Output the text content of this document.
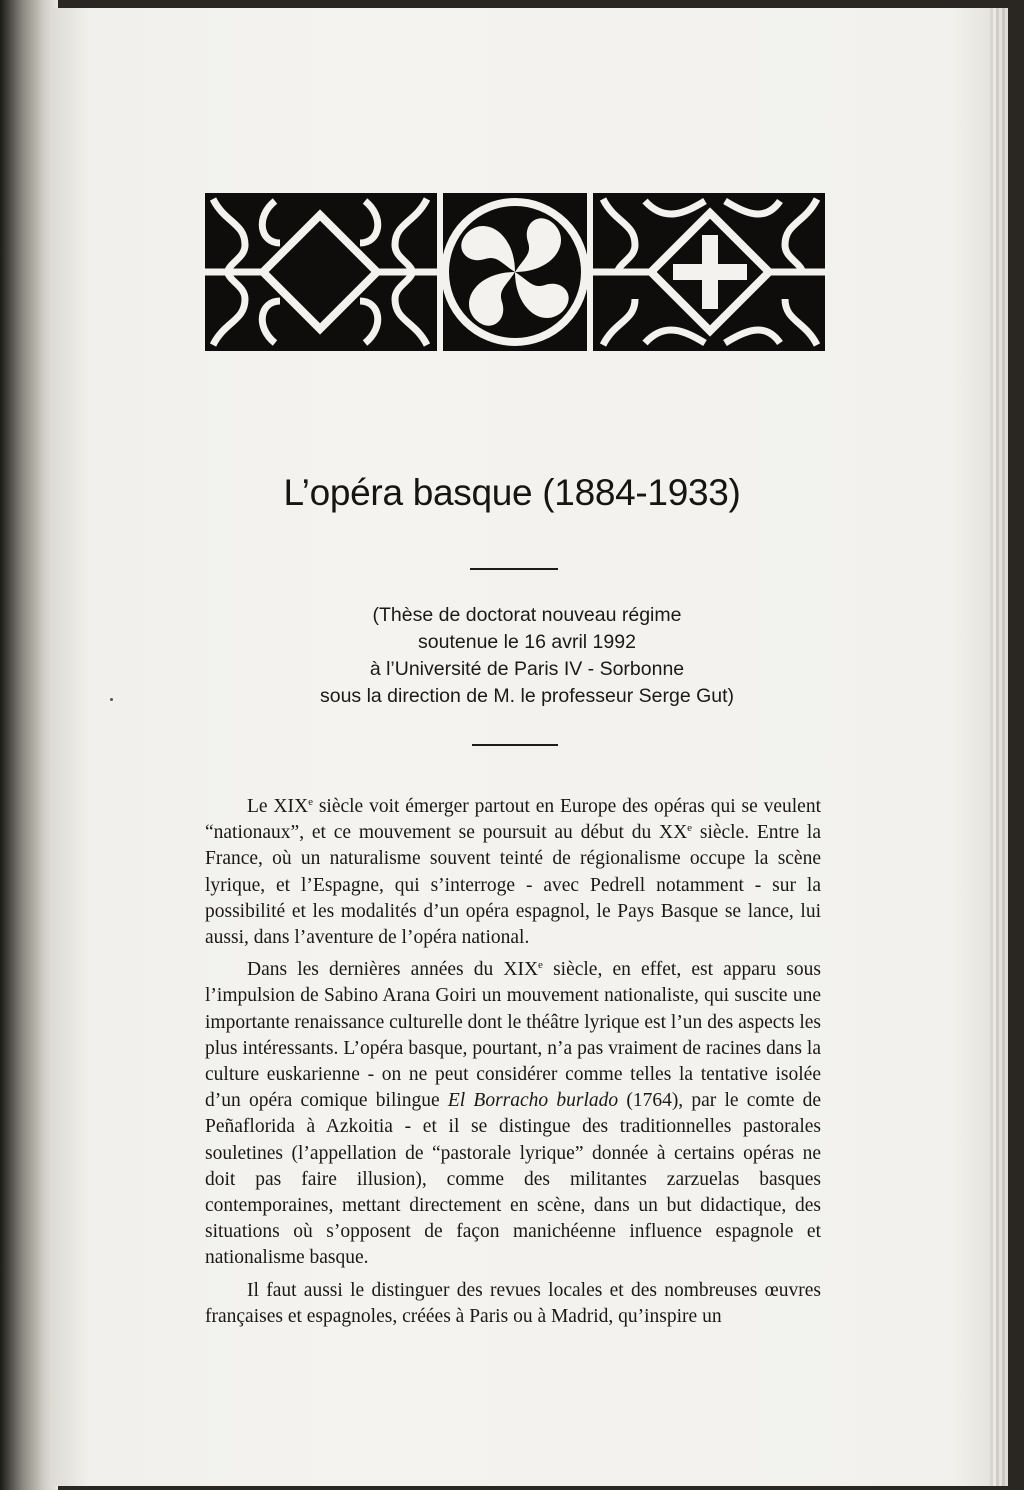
L’opéra basque (1884-1933)
(Thèse de doctorat nouveau régime
soutenue le 16 avril 1992
à l’Université de Paris IV - Sorbonne
sous la direction de M. le professeur Serge Gut)

Le XIXe siècle voit émerger partout en Europe des opéras qui se veulent “nationaux”, et ce mouvement se poursuit au début du XXe siècle. Entre la France, où un naturalisme souvent teinté de régionalisme occupe la scène lyrique, et l’Espagne, qui s’interroge - avec Pedrell notamment - sur la possibilité et les modalités d’un opéra espagnol, le Pays Basque se lance, lui aussi, dans l’aventure de l’opéra national.

Dans les dernières années du XIXe siècle, en effet, est apparu sous l’impulsion de Sabino Arana Goiri un mouvement nationaliste, qui suscite une importante renaissance culturelle dont le théâtre lyrique est l’un des aspects les plus intéressants. L’opéra basque, pourtant, n’a pas vraiment de racines dans la culture euskarienne - on ne peut considérer comme telles la tentative isolée d’un opéra comique bilingue El Borracho burlado (1764), par le comte de Peñaflorida à Azkoitia - et il se distingue des traditionnelles pastorales souletines (l’appellation de “pastorale lyrique” donnée à certains opéras ne doit pas faire illusion), comme des militantes zarzuelas basques contemporaines, mettant directement en scène, dans un but didactique, des situations où s’opposent de façon manichéenne influence espagnole et nationalisme basque.

Il faut aussi le distinguer des revues locales et des nombreuses œuvres françaises et espagnoles, créées à Paris ou à Madrid, qu’inspire un
